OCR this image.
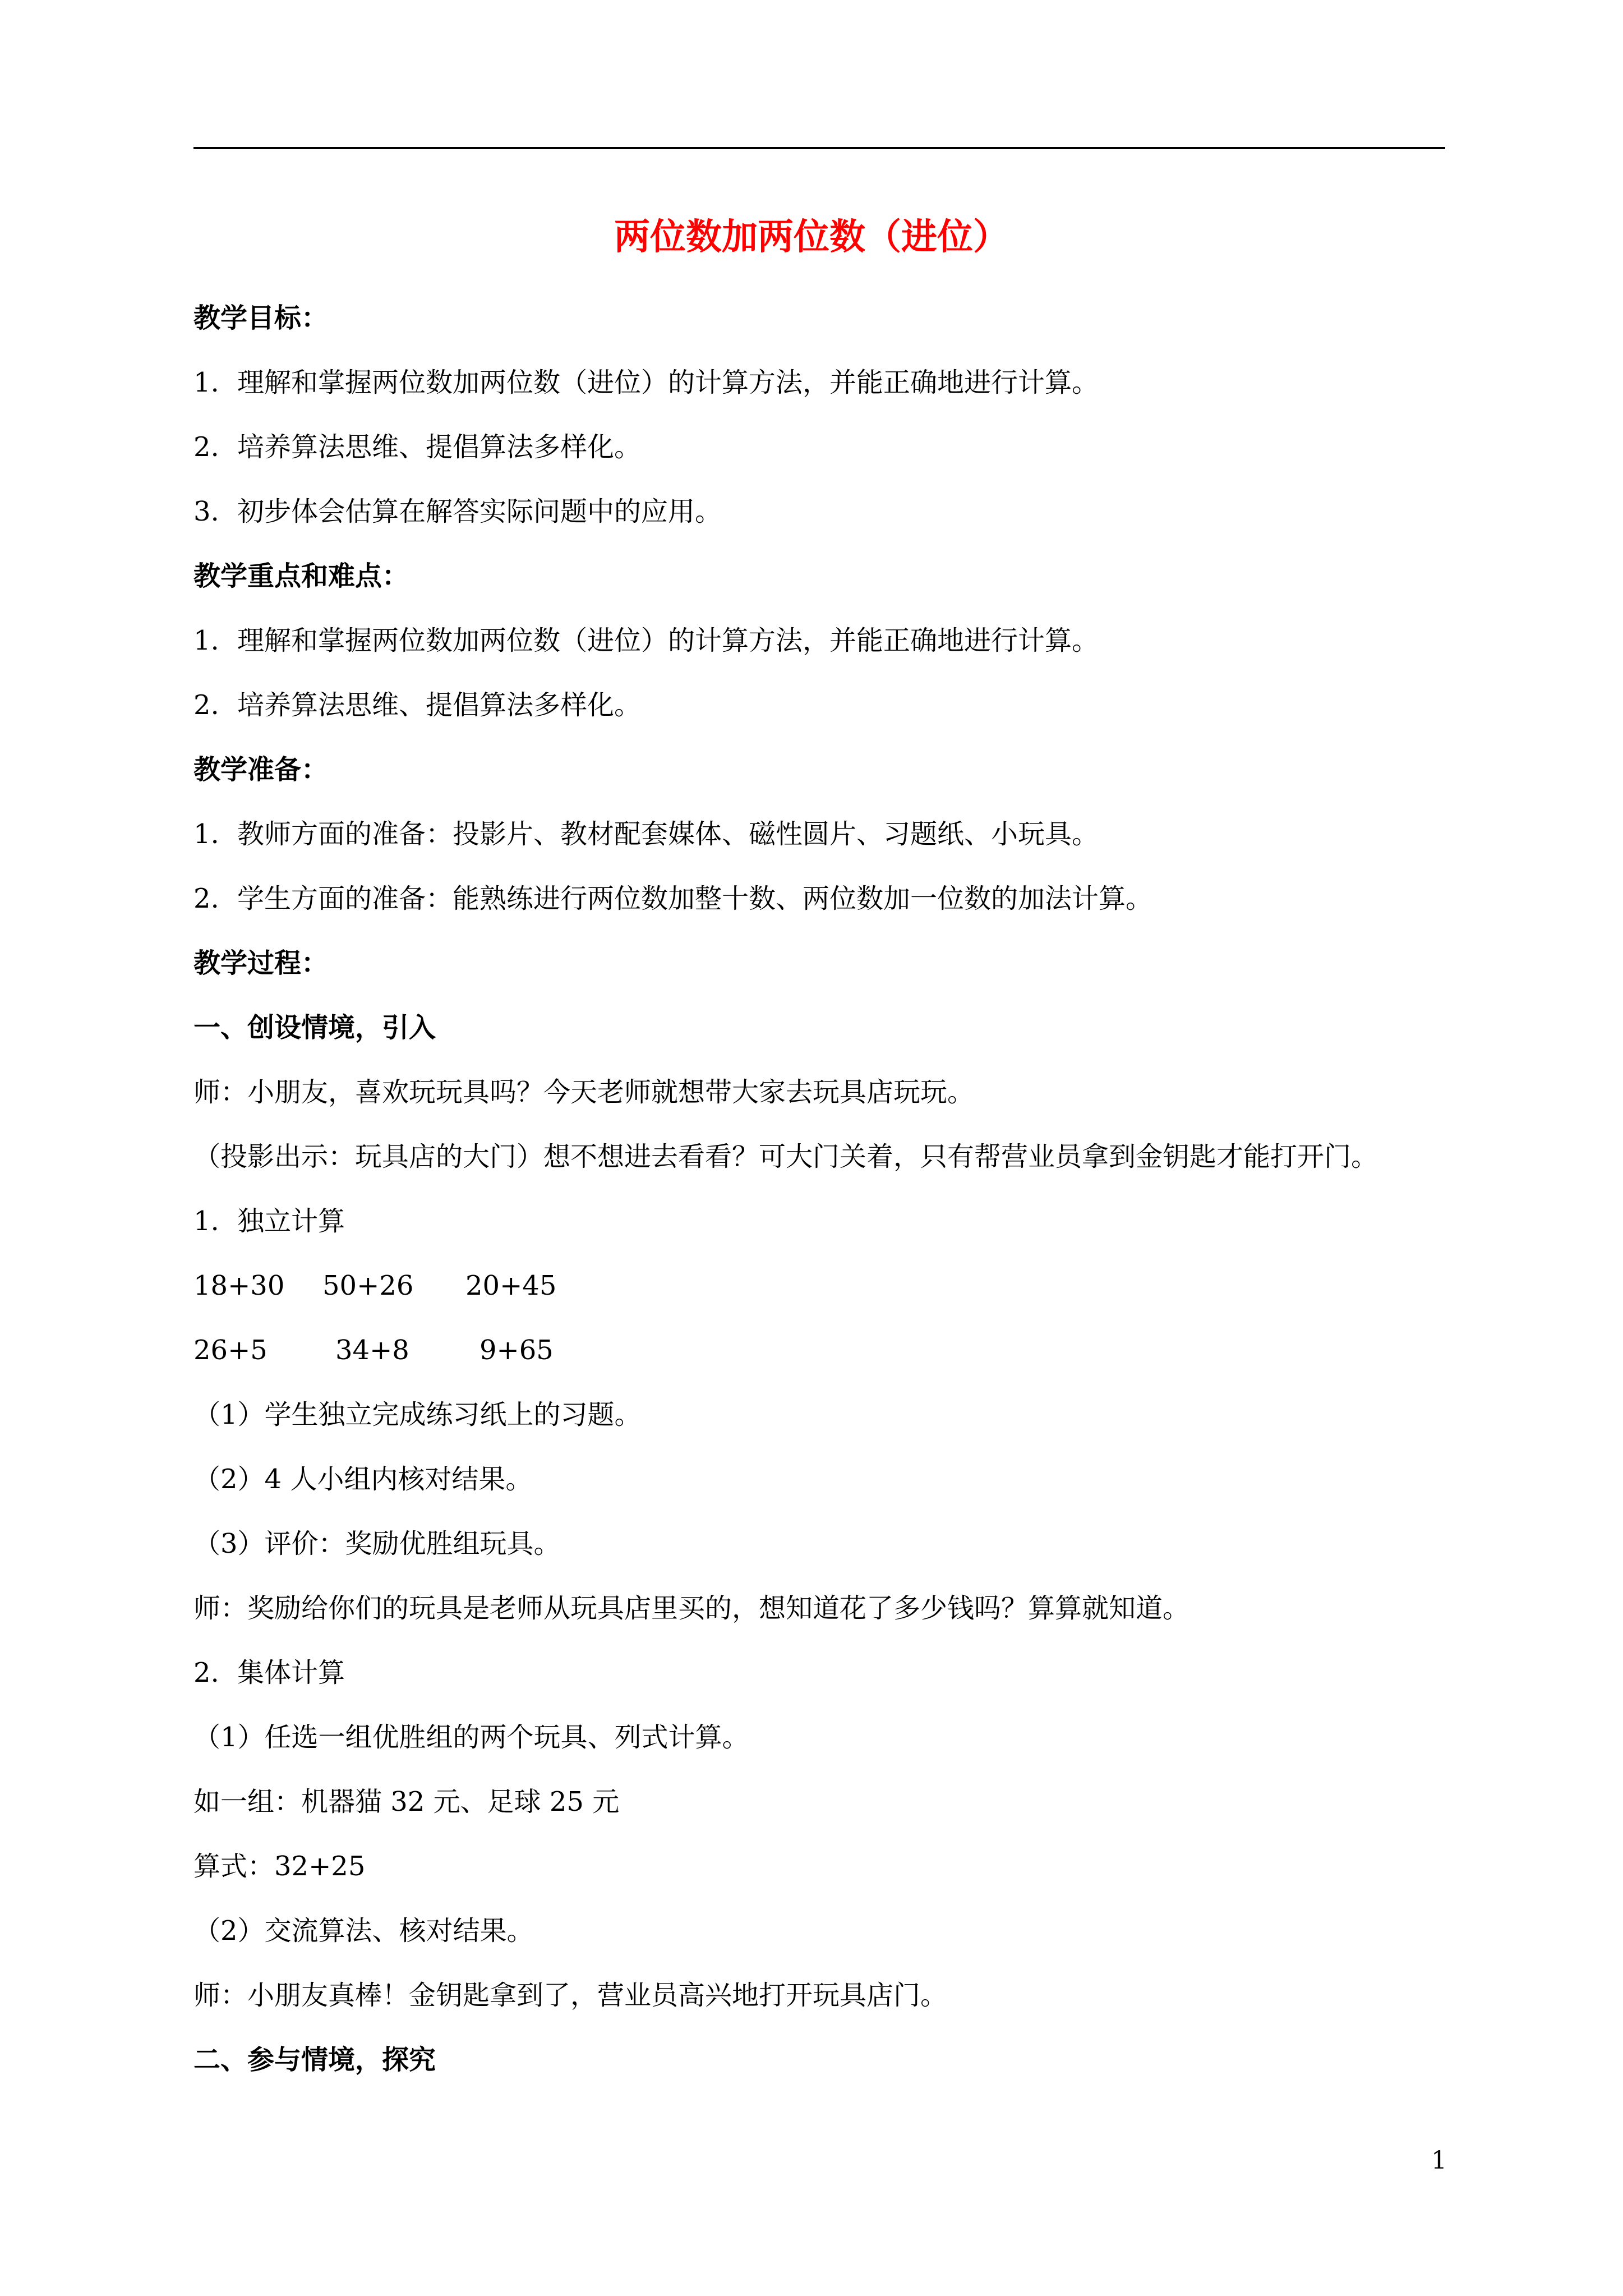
两位数加两位数（进位）
教学目标：
1. 理解和掌握两位数加两位数（进位）的计算方法，并能正确地进行计算。
2. 培养算法思维、提倡算法多样化。
3. 初步体会估算在解答实际问题中的应用。
教学重点和难点：
1. 理解和掌握两位数加两位数（进位）的计算方法，并能正确地进行计算。
2. 培养算法思维、提倡算法多样化。
教学准备：
1. 教师方面的准备：投影片、教材配套媒体、磁性圆片、习题纸、小玩具。
2. 学生方面的准备：能熟练进行两位数加整十数、两位数加一位数的加法计算。
教学过程：
一、创设情境，引入
师：小朋友，喜欢玩玩具吗？今天老师就想带大家去玩具店玩玩。
（投影出示：玩具店的大门）想不想进去看看？可大门关着，只有帮营业员拿到金钥匙才能打开门。
1. 独立计算
18+30 50+26 20+45
26+5	34+8	9+65
（1）学生独立完成练习纸上的习题。
（2）4 人小组内核对结果。
（3）评价：奖励优胜组玩具。
师：奖励给你们的玩具是老师从玩具店里买的，想知道花了多少钱吗？算算就知道。
2. 集体计算
（1）任选一组优胜组的两个玩具、列式计算。
如一组：机器猫 32 元、足球 25 元
算式：32+25
（2）交流算法、核对结果。
师：小朋友真棒！金钥匙拿到了，营业员高兴地打开玩具店门。
二、参与情境，探究
1
